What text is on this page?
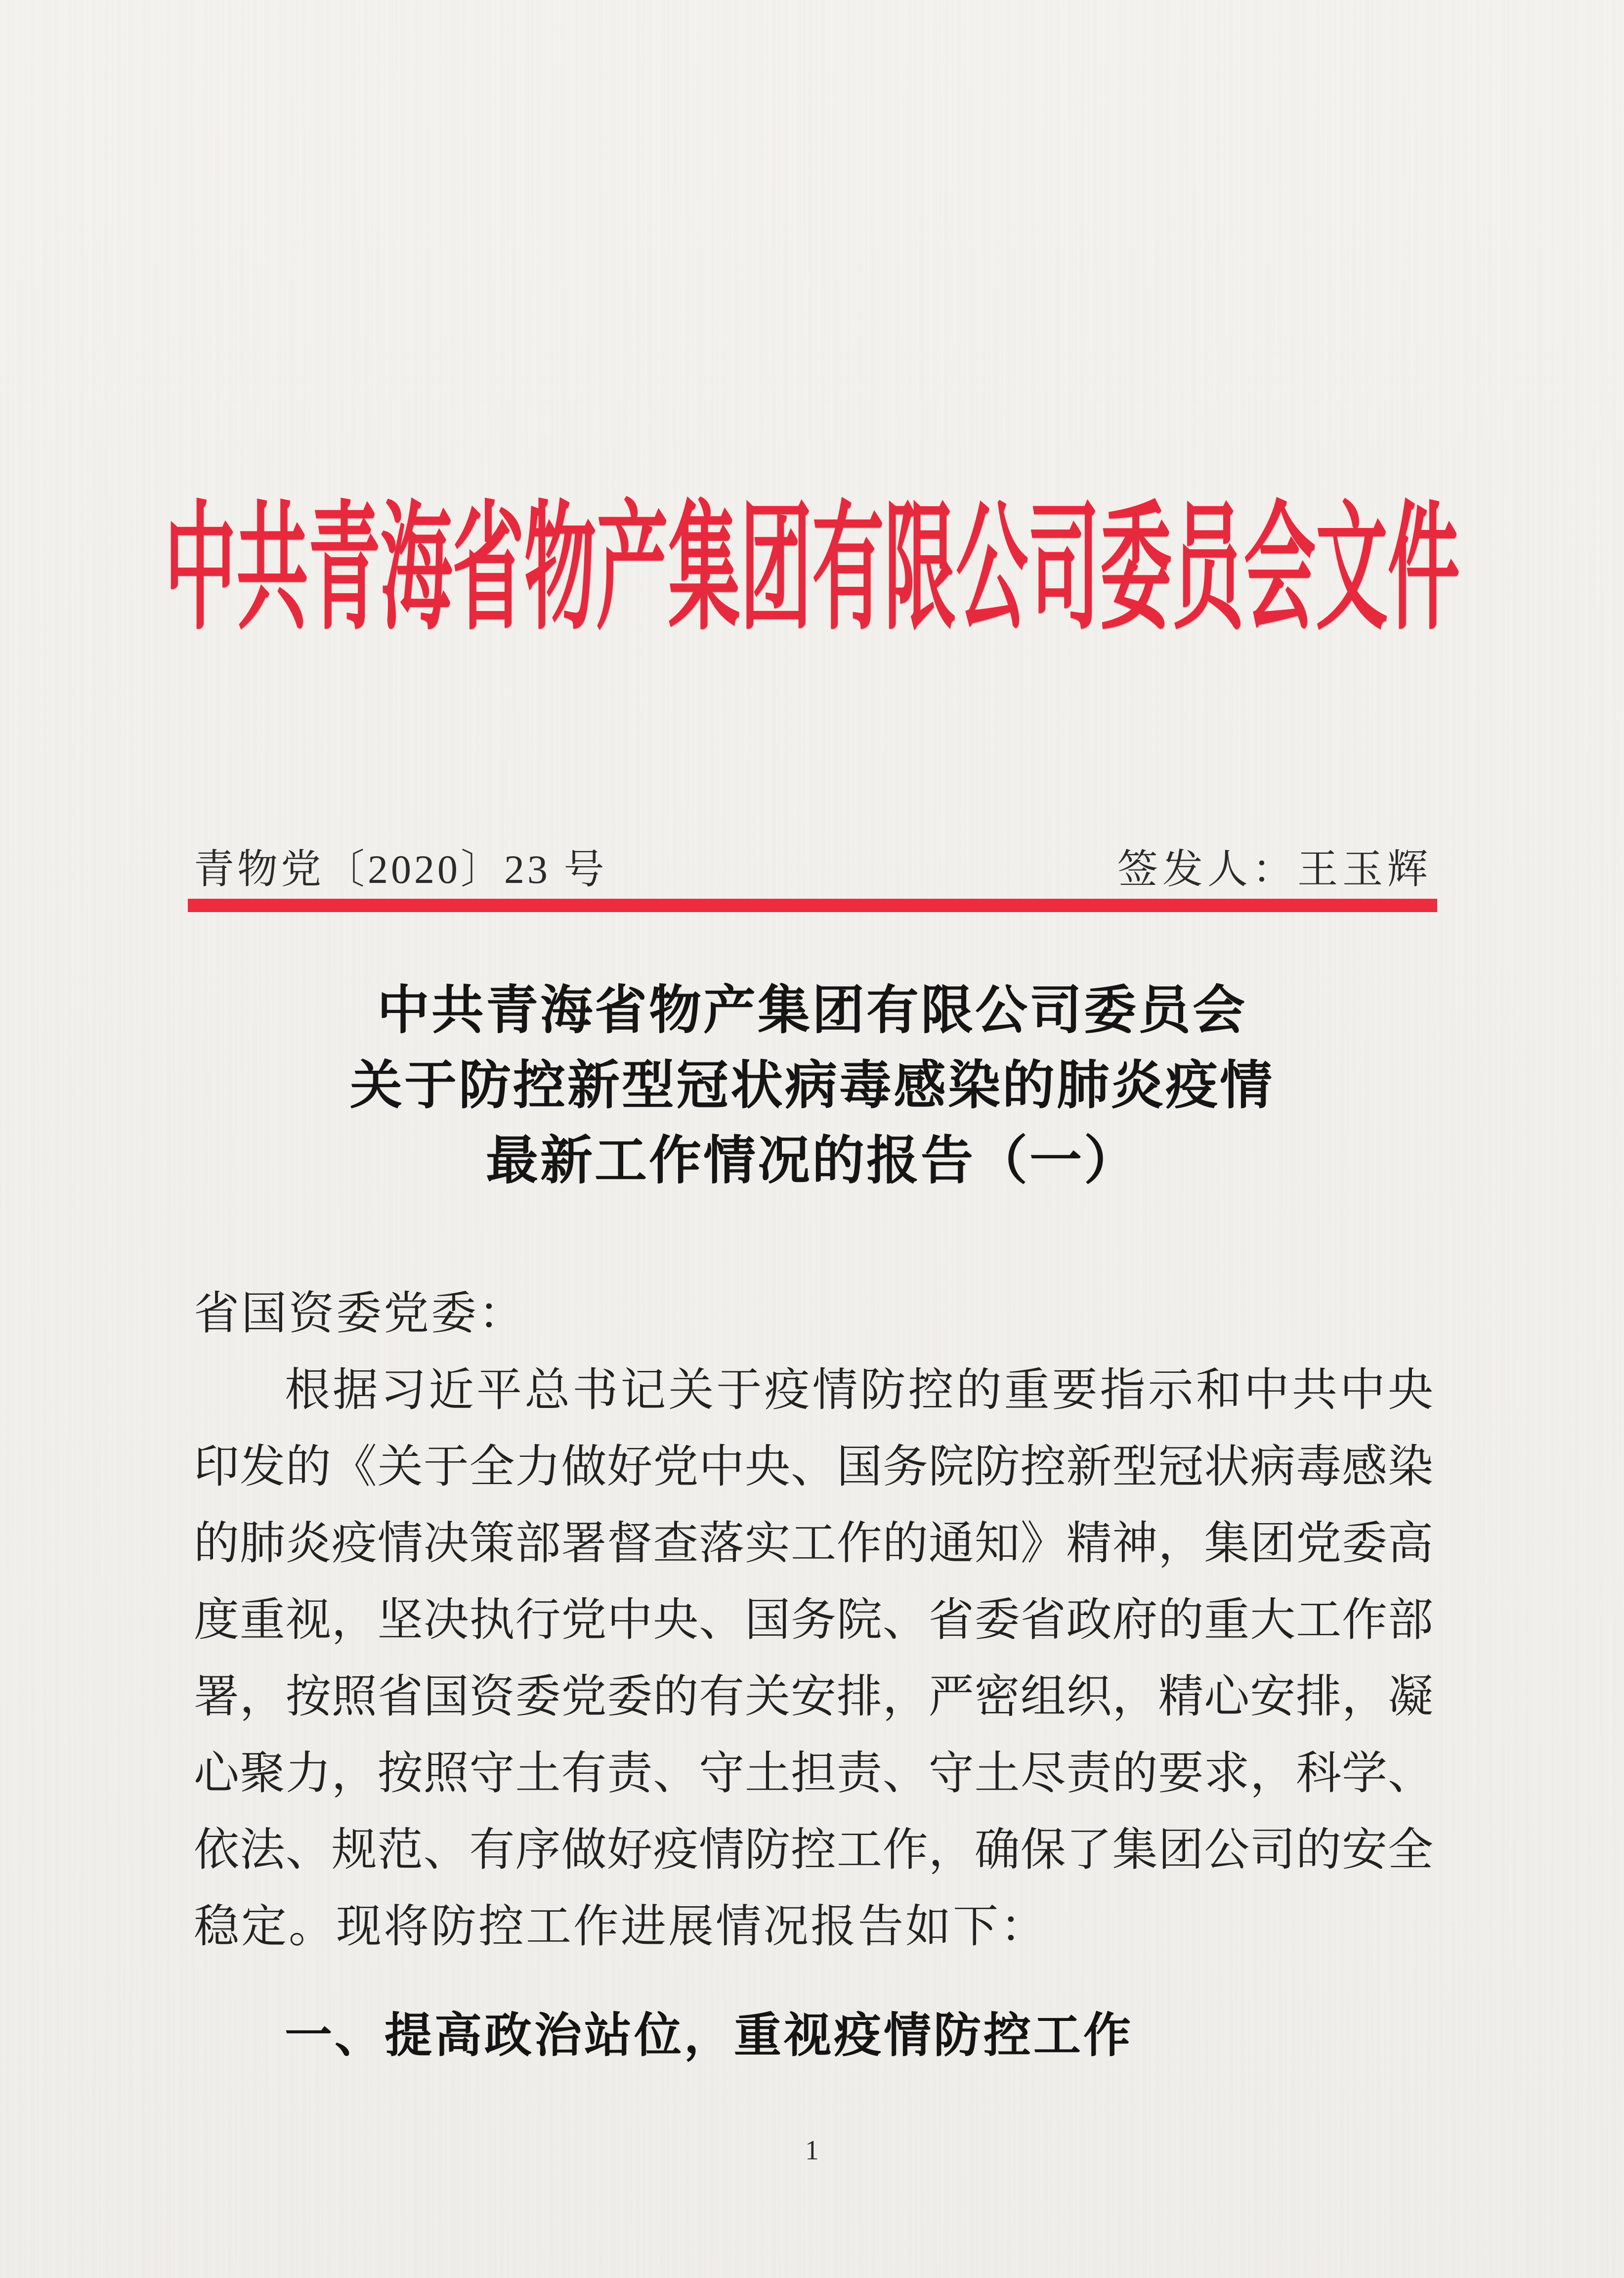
中共青海省物产集团有限公司委员会文件
青物党〔2020〕23 号	签发人：王玉辉
中共青海省物产集团有限公司委员会
关于防控新型冠状病毒感染的肺炎疫情
最新工作情况的报告（一）
省国资委党委：
根据习近平总书记关于疫情防控的重要指示和中共中央
印发的《关于全力做好党中央、国务院防控新型冠状病毒感染
的肺炎疫情决策部署督查落实工作的通知》精神，集团党委高
度重视，坚决执行党中央、国务院、省委省政府的重大工作部
署，按照省国资委党委的有关安排，严密组织，精心安排，凝
心聚力，按照守土有责、守土担责、守土尽责的要求，科学、
依法、规范、有序做好疫情防控工作，确保了集团公司的安全
稳定。现将防控工作进展情况报告如下：
一、提高政治站位，重视疫情防控工作
1
